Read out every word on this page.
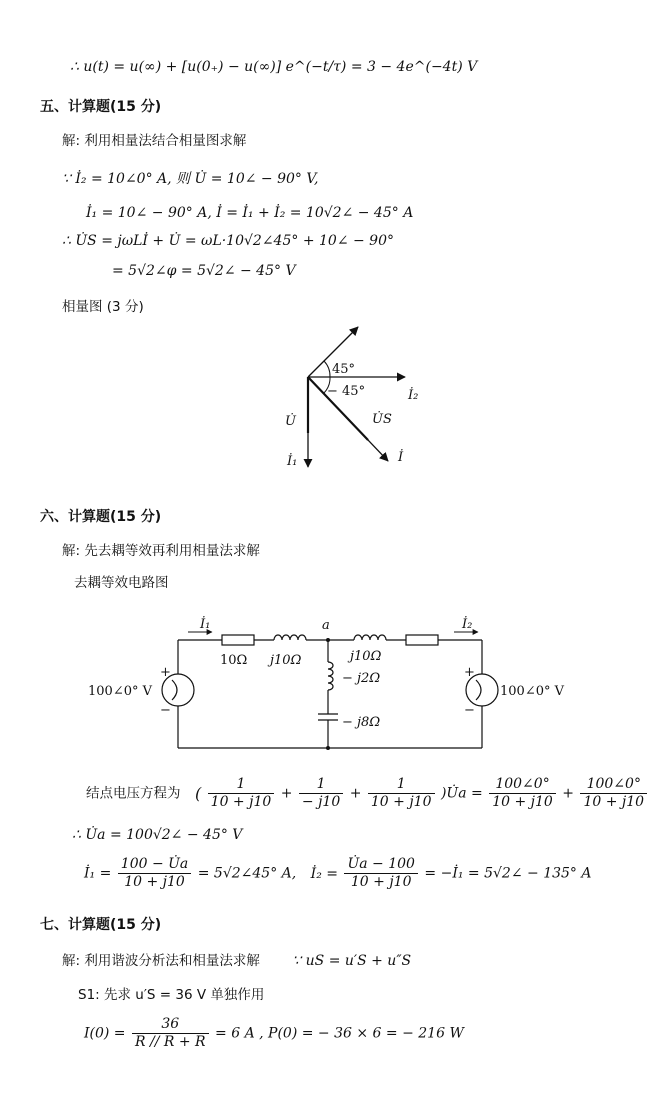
∴ u(t) = u(∞) + [u(0₊) − u(∞)] e^(−t/τ) = 3 − 4e^(−4t) V
五、计算题(15 分)
解: 利用相量法结合相量图求解
∵ İ₂ = 10∠0° A, 则 U̇ = 10∠ − 90° V,
İ₁ = 10∠ − 90° A, İ = İ₁ + İ₂ = 10√2∠ − 45° A
∴ U̇S = jωLİ + U̇ = ωL·10√2∠45° + 10∠ − 90°
= 5√2∠φ = 5√2∠ − 45° V
相量图 (3 分)
45°
− 45°	İ₂
U̇	U̇S
İ₁	İ
六、计算题(15 分)
解: 先去耦等效再利用相量法求解
去耦等效电路图
İ₁	a	İ₂
10Ω j10Ω	j10Ω
− j2Ω
− j8Ω
100∠0° V	100∠0° V
+
−
+
−
结点电压方程为 ( $\frac{1}{10 + j10} + \frac{1}{- j10} + \frac{1}{10 + j10}$ )U̇a = $\frac{100\angle 0^\circ}{10 + j10} + \frac{100\angle 0^\circ}{10 + j10}$
∴ U̇a = 100√2∠ − 45° V
İ₁ = $\frac{100 - U̇a}{10 + j10}$ = 5√2∠45° A, İ₂ = $\frac{U̇a - 100}{10 + j10}$ = −İ₁ = 5√2∠ − 135° A
七、计算题(15 分)
解: 利用谐波分析法和相量法求解 ∵ uS = u′S + u″S
S1: 先求 u′S = 36 V 单独作用
$I(0) = \frac{36}{R // R + R} = 6$ A , P(0) = − 36 × 6 = − 216 W
